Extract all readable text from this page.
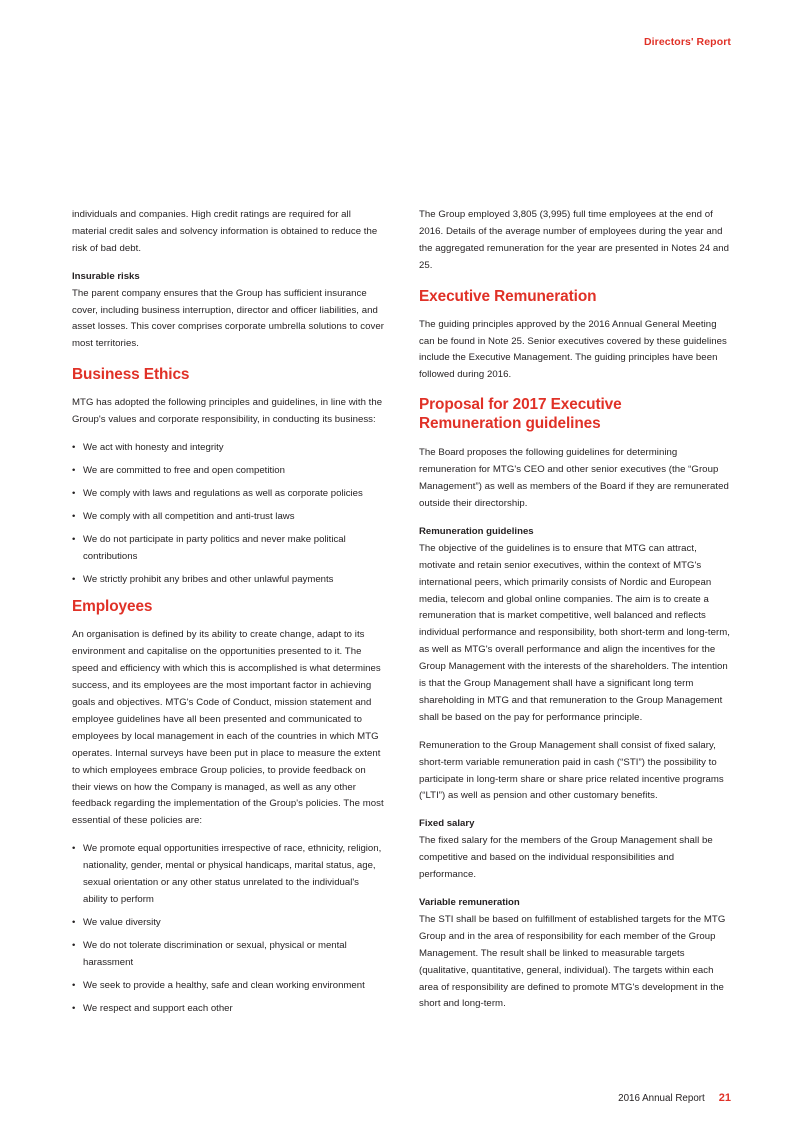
Directors' Report

individuals and companies. High credit ratings are required for all material credit sales and solvency information is obtained to reduce the risk of bad debt.

Insurable risks

The parent company ensures that the Group has sufficient insurance cover, including business interruption, director and officer liabilities, and asset losses. This cover comprises corporate umbrella solutions to cover most territories.

Business Ethics

MTG has adopted the following principles and guidelines, in line with the Group's values and corporate responsibility, in conducting its business:

• We act with honesty and integrity
• We are committed to free and open competition
• We comply with laws and regulations as well as corporate policies
• We comply with all competition and anti-trust laws
• We do not participate in party politics and never make political contributions
• We strictly prohibit any bribes and other unlawful payments
Employees

An organisation is defined by its ability to create change, adapt to its environment and capitalise on the opportunities presented to it. The speed and efficiency with which this is accomplished is what determines success, and its employees are the most important factor in achieving goals and objectives. MTG's Code of Conduct, mission statement and employee guidelines have all been presented and communicated to employees by local management in each of the countries in which MTG operates. Internal surveys have been put in place to measure the extent to which employees embrace Group policies, to provide feedback on their views on how the Company is managed, as well as any other feedback regarding the implementation of the Group's policies. The most essential of these policies are:

• We promote equal opportunities irrespective of race, ethnicity, religion, nationality, gender, mental or physical handicaps, marital status, age, sexual orientation or any other status unrelated to the individual's ability to perform
• We value diversity
• We do not tolerate discrimination or sexual, physical or mental harassment
• We seek to provide a healthy, safe and clean working environment
• We respect and support each other

The Group employed 3,805 (3,995) full time employees at the end of 2016. Details of the average number of employees during the year and the aggregated remuneration for the year are presented in Notes 24 and 25.

Executive Remuneration

The guiding principles approved by the 2016 Annual General Meeting can be found in Note 25. Senior executives covered by these guidelines include the Executive Management. The guiding principles have been followed during 2016.

Proposal for 2017 Executive
Remuneration guidelines

The Board proposes the following guidelines for determining remuneration for MTG's CEO and other senior executives (the “Group Management”) as well as members of the Board if they are remunerated outside their directorship.

Remuneration guidelines

The objective of the guidelines is to ensure that MTG can attract, motivate and retain senior executives, within the context of MTG's international peers, which primarily consists of Nordic and European media, telecom and global online companies. The aim is to create a remuneration that is market competitive, well balanced and reflects individual performance and responsibility, both short-term and long-term, as well as MTG's overall performance and align the incentives for the Group Management with the interests of the shareholders. The intention is that the Group Management shall have a significant long term shareholding in MTG and that remuneration to the Group Management shall be based on the pay for performance principle.

Remuneration to the Group Management shall consist of fixed salary, short-term variable remuneration paid in cash (“STI”) the possibility to participate in long-term share or share price related incentive programs (“LTI”) as well as pension and other customary benefits.

Fixed salary

The fixed salary for the members of the Group Management shall be competitive and based on the individual responsibilities and performance.

Variable remuneration

The STI shall be based on fulfillment of established targets for the MTG Group and in the area of responsibility for each member of the Group Management. The result shall be linked to measurable targets (qualitative, quantitative, general, individual). The targets within each area of responsibility are defined to promote MTG's development in the short and long-term.

2016 Annual Report 21
